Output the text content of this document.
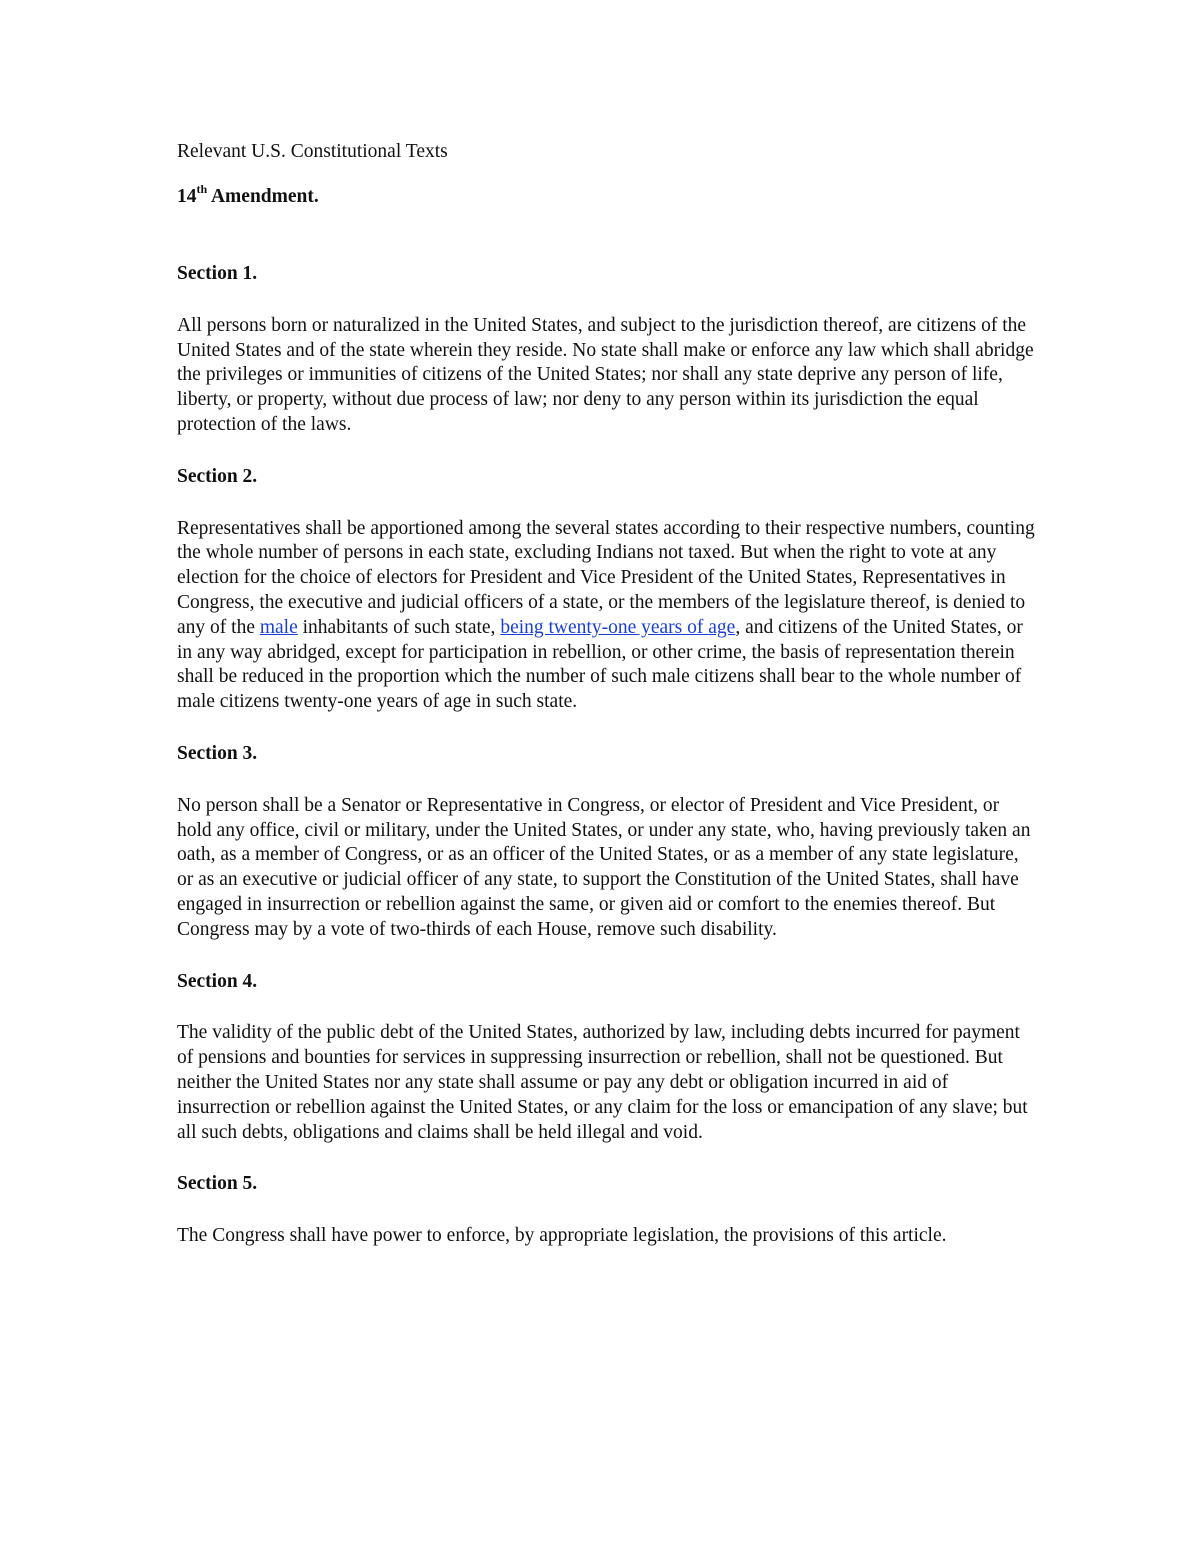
Relevant U.S. Constitutional Texts

14th Amendment.

Section 1.

All persons born or naturalized in the United States, and subject to the jurisdiction thereof, are citizens of the United States and of the state wherein they reside. No state shall make or enforce any law which shall abridge the privileges or immunities of citizens of the United States; nor shall any state deprive any person of life, liberty, or property, without due process of law; nor deny to any person within its jurisdiction the equal protection of the laws.

Section 2.

Representatives shall be apportioned among the several states according to their respective numbers, counting the whole number of persons in each state, excluding Indians not taxed. But when the right to vote at any election for the choice of electors for President and Vice President of the United States, Representatives in Congress, the executive and judicial officers of a state, or the members of the legislature thereof, is denied to any of the male inhabitants of such state, being twenty-one years of age, and citizens of the United States, or in any way abridged, except for participation in rebellion, or other crime, the basis of representation therein shall be reduced in the proportion which the number of such male citizens shall bear to the whole number of male citizens twenty-one years of age in such state.

Section 3.

No person shall be a Senator or Representative in Congress, or elector of President and Vice President, or hold any office, civil or military, under the United States, or under any state, who, having previously taken an oath, as a member of Congress, or as an officer of the United States, or as a member of any state legislature, or as an executive or judicial officer of any state, to support the Constitution of the United States, shall have engaged in insurrection or rebellion against the same, or given aid or comfort to the enemies thereof. But Congress may by a vote of two-thirds of each House, remove such disability.

Section 4.

The validity of the public debt of the United States, authorized by law, including debts incurred for payment of pensions and bounties for services in suppressing insurrection or rebellion, shall not be questioned. But neither the United States nor any state shall assume or pay any debt or obligation incurred in aid of insurrection or rebellion against the United States, or any claim for the loss or emancipation of any slave; but all such debts, obligations and claims shall be held illegal and void.

Section 5.

The Congress shall have power to enforce, by appropriate legislation, the provisions of this article.
